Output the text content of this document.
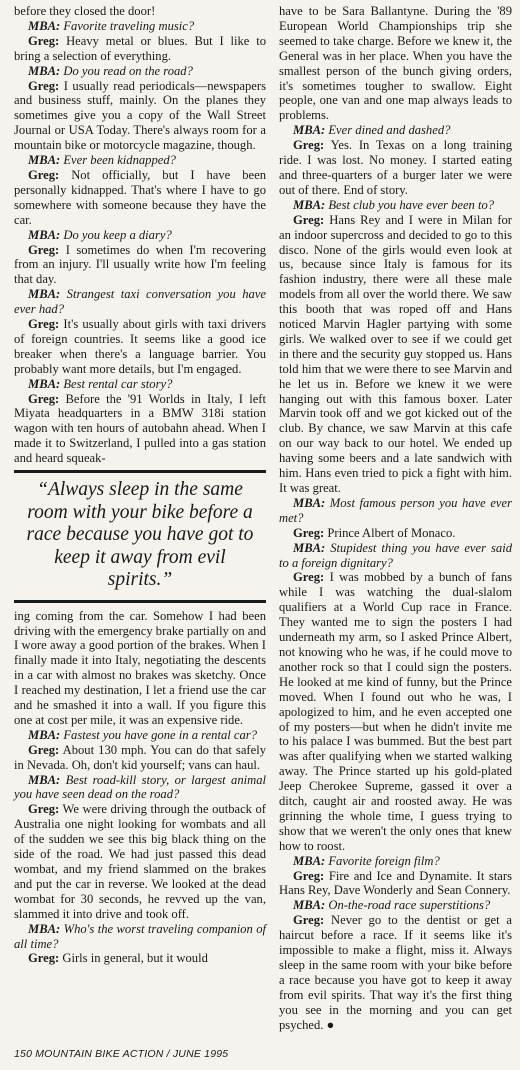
before they closed the door!

MBA: Favorite traveling music?

Greg: Heavy metal or blues. But I like to bring a selection of everything.

MBA: Do you read on the road?

Greg: I usually read periodicals—newspapers and business stuff, mainly. On the planes they sometimes give you a copy of the Wall Street Journal or USA Today. There's always room for a mountain bike or motorcycle magazine, though.

MBA: Ever been kidnapped?

Greg: Not officially, but I have been personally kidnapped. That's where I have to go somewhere with someone because they have the car.

MBA: Do you keep a diary?

Greg: I sometimes do when I'm recovering from an injury. I'll usually write how I'm feeling that day.

MBA: Strangest taxi conversation you have ever had?

Greg: It's usually about girls with taxi drivers of foreign countries. It seems like a good ice breaker when there's a language barrier. You probably want more details, but I'm engaged.

MBA: Best rental car story?

Greg: Before the '91 Worlds in Italy, I left Miyata headquarters in a BMW 318i station wagon with ten hours of autobahn ahead. When I made it to Switzerland, I pulled into a gas station and heard squeak-

“Always sleep in the same room with your bike before a race because you have got to keep it away from evil spirits.”

ing coming from the car. Somehow I had been driving with the emergency brake partially on and I wore away a good portion of the brakes. When I finally made it into Italy, negotiating the descents in a car with almost no brakes was sketchy. Once I reached my destination, I let a friend use the car and he smashed it into a wall. If you figure this one at cost per mile, it was an expensive ride.

MBA: Fastest you have gone in a rental car?

Greg: About 130 mph. You can do that safely in Nevada. Oh, don't kid yourself; vans can haul.

MBA: Best road-kill story, or largest animal you have seen dead on the road?

Greg: We were driving through the outback of Australia one night looking for wombats and all of the sudden we see this big black thing on the side of the road. We had just passed this dead wombat, and my friend slammed on the brakes and put the car in reverse. We looked at the dead wombat for 30 seconds, he revved up the van, slammed it into drive and took off.

MBA: Who's the worst traveling companion of all time?

Greg: Girls in general, but it would

have to be Sara Ballantyne. During the '89 European World Championships trip she seemed to take charge. Before we knew it, the General was in her place. When you have the smallest person of the bunch giving orders, it's sometimes tougher to swallow. Eight people, one van and one map always leads to problems.

MBA: Ever dined and dashed?

Greg: Yes. In Texas on a long training ride. I was lost. No money. I started eating and three-quarters of a burger later we were out of there. End of story.

MBA: Best club you have ever been to?

Greg: Hans Rey and I were in Milan for an indoor supercross and decided to go to this disco. None of the girls would even look at us, because since Italy is famous for its fashion industry, there were all these male models from all over the world there. We saw this booth that was roped off and Hans noticed Marvin Hagler partying with some girls. We walked over to see if we could get in there and the security guy stopped us. Hans told him that we were there to see Marvin and he let us in. Before we knew it we were hanging out with this famous boxer. Later Marvin took off and we got kicked out of the club. By chance, we saw Marvin at this cafe on our way back to our hotel. We ended up having some beers and a late sandwich with him. Hans even tried to pick a fight with him. It was great.

MBA: Most famous person you have ever met?

Greg: Prince Albert of Monaco.

MBA: Stupidest thing you have ever said to a foreign dignitary?

Greg: I was mobbed by a bunch of fans while I was watching the dual-slalom qualifiers at a World Cup race in France. They wanted me to sign the posters I had underneath my arm, so I asked Prince Albert, not knowing who he was, if he could move to another rock so that I could sign the posters. He looked at me kind of funny, but the Prince moved. When I found out who he was, I apologized to him, and he even accepted one of my posters—but when he didn't invite me to his palace I was bummed. But the best part was after qualifying when we started walking away. The Prince started up his gold-plated Jeep Cherokee Supreme, gassed it over a ditch, caught air and roosted away. He was grinning the whole time, I guess trying to show that we weren't the only ones that knew how to roost.

MBA: Favorite foreign film?

Greg: Fire and Ice and Dynamite. It stars Hans Rey, Dave Wonderly and Sean Connery.

MBA: On-the-road race superstitions?

Greg: Never go to the dentist or get a haircut before a race. If it seems like it's impossible to make a flight, miss it. Always sleep in the same room with your bike before a race because you have got to keep it away from evil spirits. That way it's the first thing you see in the morning and you can get psyched. ●

150 MOUNTAIN BIKE ACTION / JUNE 1995
